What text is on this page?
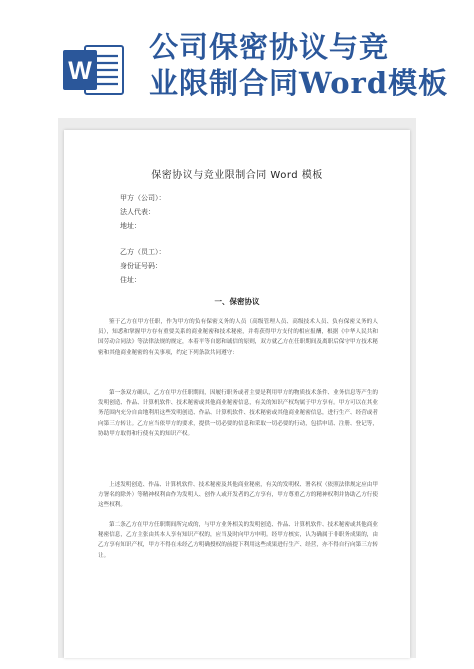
W
公司保密协议与竞
业限制合同Word模板
保密协议与竞业限制合同 Word 模板
甲方（公司）：
法人代表：
地址：
乙方（员工）：
身份证号码：
住址：
一、保密协议
鉴于乙方在甲方任职，作为甲方的负有保密义务的人员（高级管理人员、高级技术人员、负有保密义务的人员），知悉和掌握甲方存有重要关系的商业秘密和技术秘密，并将获得甲方支付的相应报酬，根据《中华人民共和国劳动合同法》等法律法规的规定，本着平等自愿和诚信的原则，双方就乙方在任职期间及离职后保守甲方技术秘密和其他商业秘密的有关事项，约定下列条款共同遵守：
第一条双方确认，乙方在甲方任职期间，因履行职务或者主要是利用甲方的物质技术条件、业务信息等产生的发明创造、作品、计算机软件、技术秘密或其他商业秘密信息，有关的知识产权均属于甲方享有。甲方可以在其业务范围内充分自由地利用这些发明创造、作品、计算机软件、技术秘密或其他商业秘密信息，进行生产、经营或者向第三方转让。乙方应当依甲方的要求，提供一切必要的信息和采取一切必要的行动，包括申请、注册、登记等，协助甲方取得和行使有关的知识产权。
上述发明创造、作品、计算机软件、技术秘密及其他商业秘密，有关的发明权、署名权（依照法律规定应由甲方署名的除外）等精神权利由作为发明人、创作人或开发者的乙方享有，甲方尊重乙方的精神权利并协助乙方行使这些权利。
第二条乙方在甲方任职期间所完成的，与甲方业务相关的发明创造、作品、计算机软件、技术秘密或其他商业秘密信息，乙方主张由其本人享有知识产权的，应当及时向甲方申明。经甲方核实，认为确属于非职务成果的，由乙方享有知识产权，甲方不得在未经乙方明确授权的前提下利用这些成果进行生产、经营，亦不得自行向第三方转让。
